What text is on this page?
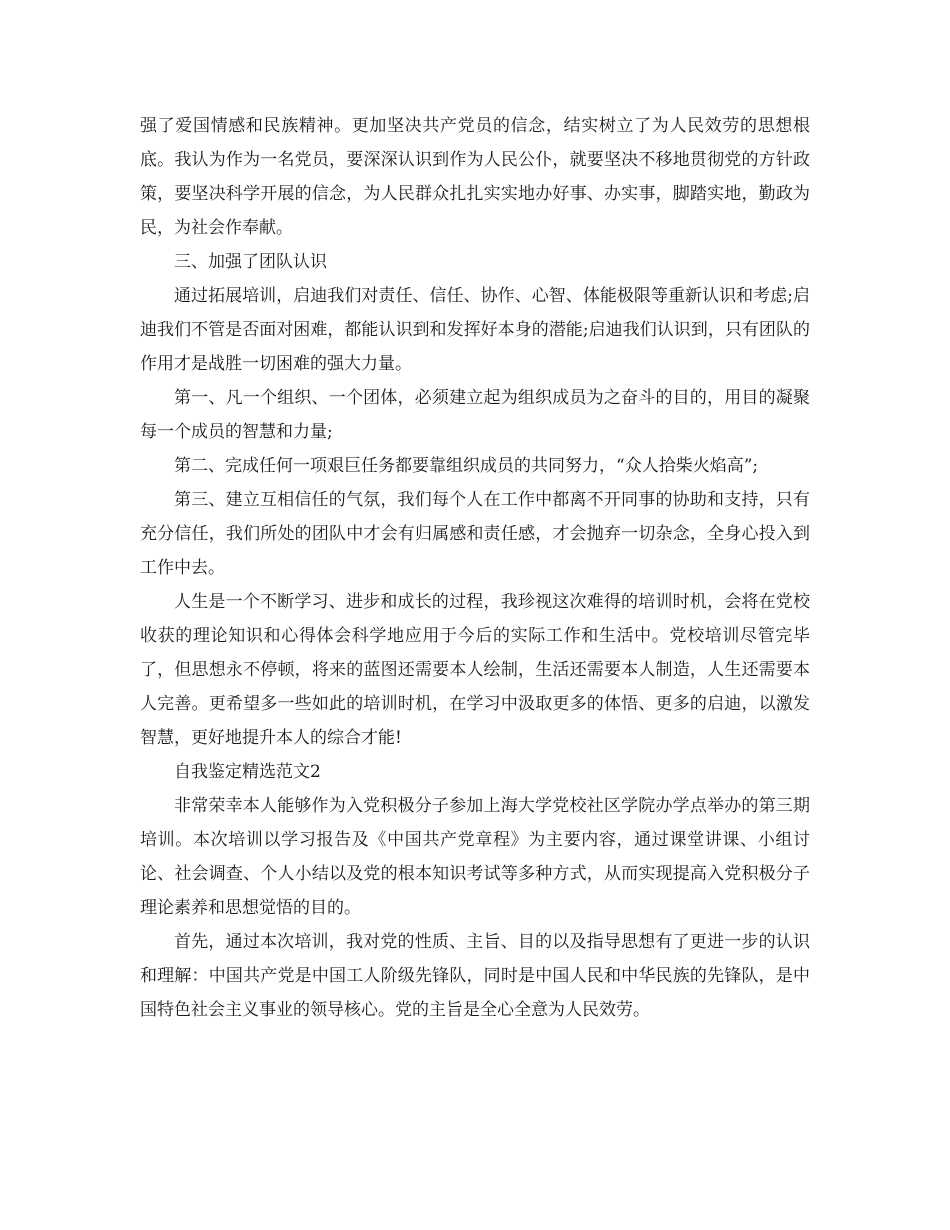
强了爱国情感和民族精神。更加坚决共产党员的信念，结实树立了为人民效劳的思想根底。我认为作为一名党员，要深深认识到作为人民公仆，就要坚决不移地贯彻党的方针政策，要坚决科学开展的信念，为人民群众扎扎实实地办好事、办实事，脚踏实地，勤政为民，为社会作奉献。

三、加强了团队认识

通过拓展培训，启迪我们对责任、信任、协作、心智、体能极限等重新认识和考虑;启迪我们不管是否面对困难，都能认识到和发挥好本身的潜能;启迪我们认识到，只有团队的作用才是战胜一切困难的强大力量。

第一、凡一个组织、一个团体，必须建立起为组织成员为之奋斗的目的，用目的凝聚每一个成员的智慧和力量;

第二、完成任何一项艰巨任务都要靠组织成员的共同努力，“众人拾柴火焰高”;

第三、建立互相信任的气氛，我们每个人在工作中都离不开同事的协助和支持，只有充分信任，我们所处的团队中才会有归属感和责任感，才会抛弃一切杂念，全身心投入到工作中去。

人生是一个不断学习、进步和成长的过程，我珍视这次难得的培训时机，会将在党校收获的理论知识和心得体会科学地应用于今后的实际工作和生活中。党校培训尽管完毕了，但思想永不停顿，将来的蓝图还需要本人绘制，生活还需要本人制造，人生还需要本人完善。更希望多一些如此的培训时机，在学习中汲取更多的体悟、更多的启迪，以激发智慧，更好地提升本人的综合才能!

自我鉴定精选范文2

非常荣幸本人能够作为入党积极分子参加上海大学党校社区学院办学点举办的第三期培训。本次培训以学习报告及《中国共产党章程》为主要内容，通过课堂讲课、小组讨论、社会调查、个人小结以及党的根本知识考试等多种方式，从而实现提高入党积极分子理论素养和思想觉悟的目的。

首先，通过本次培训，我对党的性质、主旨、目的以及指导思想有了更进一步的认识和理解：中国共产党是中国工人阶级先锋队，同时是中国人民和中华民族的先锋队，是中国特色社会主义事业的领导核心。党的主旨是全心全意为人民效劳。
